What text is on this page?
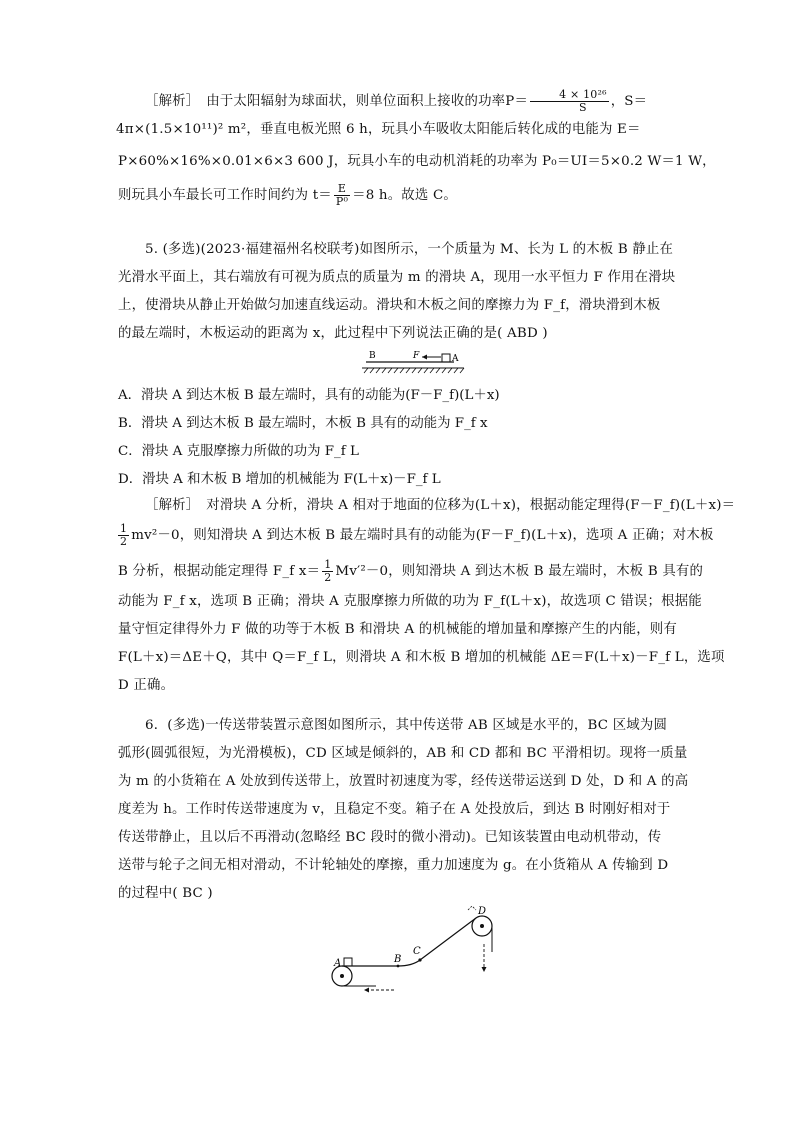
［解析］　由于太阳辐射为球面状，则单位面积上接收的功率$P= \frac{\text{4 × 10²⁶}}{S}$ ，S＝

4π×(1.5×10¹¹)² m²，垂直电板光照 6 h，玩具小车吸收太阳能后转化成的电能为 E＝

P×60%×16%×0.01×6×3 600 J，玩具小车的电动机消耗的功率为 P₀＝UI＝5×0.2 W＝1 W，

则玩具小车最长可工作时间约为 $t= \frac{E}{\text{P⁰}} =8$ h。故选 C。

5. (多选)(2023·福建福州名校联考)如图所示，一个质量为 M、长为 L 的木板 B 静止在

光滑水平面上，其右端放有可视为质点的质量为 m 的滑块 A，现用一水平恒力 F 作用在滑块

上，使滑块从静止开始做匀加速直线运动。滑块和木板之间的摩擦力为 F_f，滑块滑到木板

的最左端时，木板运动的距离为 x，此过程中下列说法正确的是( ABD )

B	F	A
A．滑块 A 到达木板 B 最左端时，具有的动能为(F－F_f)(L＋x)
B．滑块 A 到达木板 B 最左端时，木板 B 具有的动能为 F_f x
C．滑块 A 克服摩擦力所做的功为 F_f L
D．滑块 A 和木板 B 增加的机械能为 F(L＋x)－F_f L

［解析］　对滑块 A 分析，滑块 A 相对于地面的位移为(L＋x)，根据动能定理得(F－F_f)(L＋x)＝

$\frac{1}{2} mv^2-0$，则知滑块 A 到达木板 B 最左端时具有的动能为(F－F_f)(L＋x)，选项 A 正确；对木板

B 分析，根据动能定理得 F_f $x= \frac{1}{2} Mv'^2-0$，则知滑块 A 到达木板 B 最左端时，木板 B 具有的

动能为 F_f x，选项 B 正确；滑块 A 克服摩擦力所做的功为 F_f(L＋x)，故选项 C 错误；根据能

量守恒定律得外力 F 做的功等于木板 B 和滑块 A 的机械能的增加量和摩擦产生的内能，则有

F(L＋x)＝ΔE＋Q，其中 Q＝F_f L，则滑块 A 和木板 B 增加的机械能 ΔE＝F(L＋x)－F_f L，选项

D 正确。

6．(多选)一传送带装置示意图如图所示，其中传送带 AB 区域是水平的，BC 区域为圆

弧形(圆弧很短，为光滑模板)，CD 区域是倾斜的，AB 和 CD 都和 BC 平滑相切。现将一质量

为 m 的小货箱在 A 处放到传送带上，放置时初速度为零，经传送带运送到 D 处，D 和 A 的高

度差为 h。工作时传送带速度为 v，且稳定不变。箱子在 A 处投放后，到达 B 时刚好相对于

传送带静止，且以后不再滑动(忽略经 BC 段时的微小滑动)。已知该装置由电动机带动，传

送带与轮子之间无相对滑动，不计轮轴处的摩擦，重力加速度为 g。在小货箱从 A 传输到 D

的过程中( BC )

A	B
C
D
